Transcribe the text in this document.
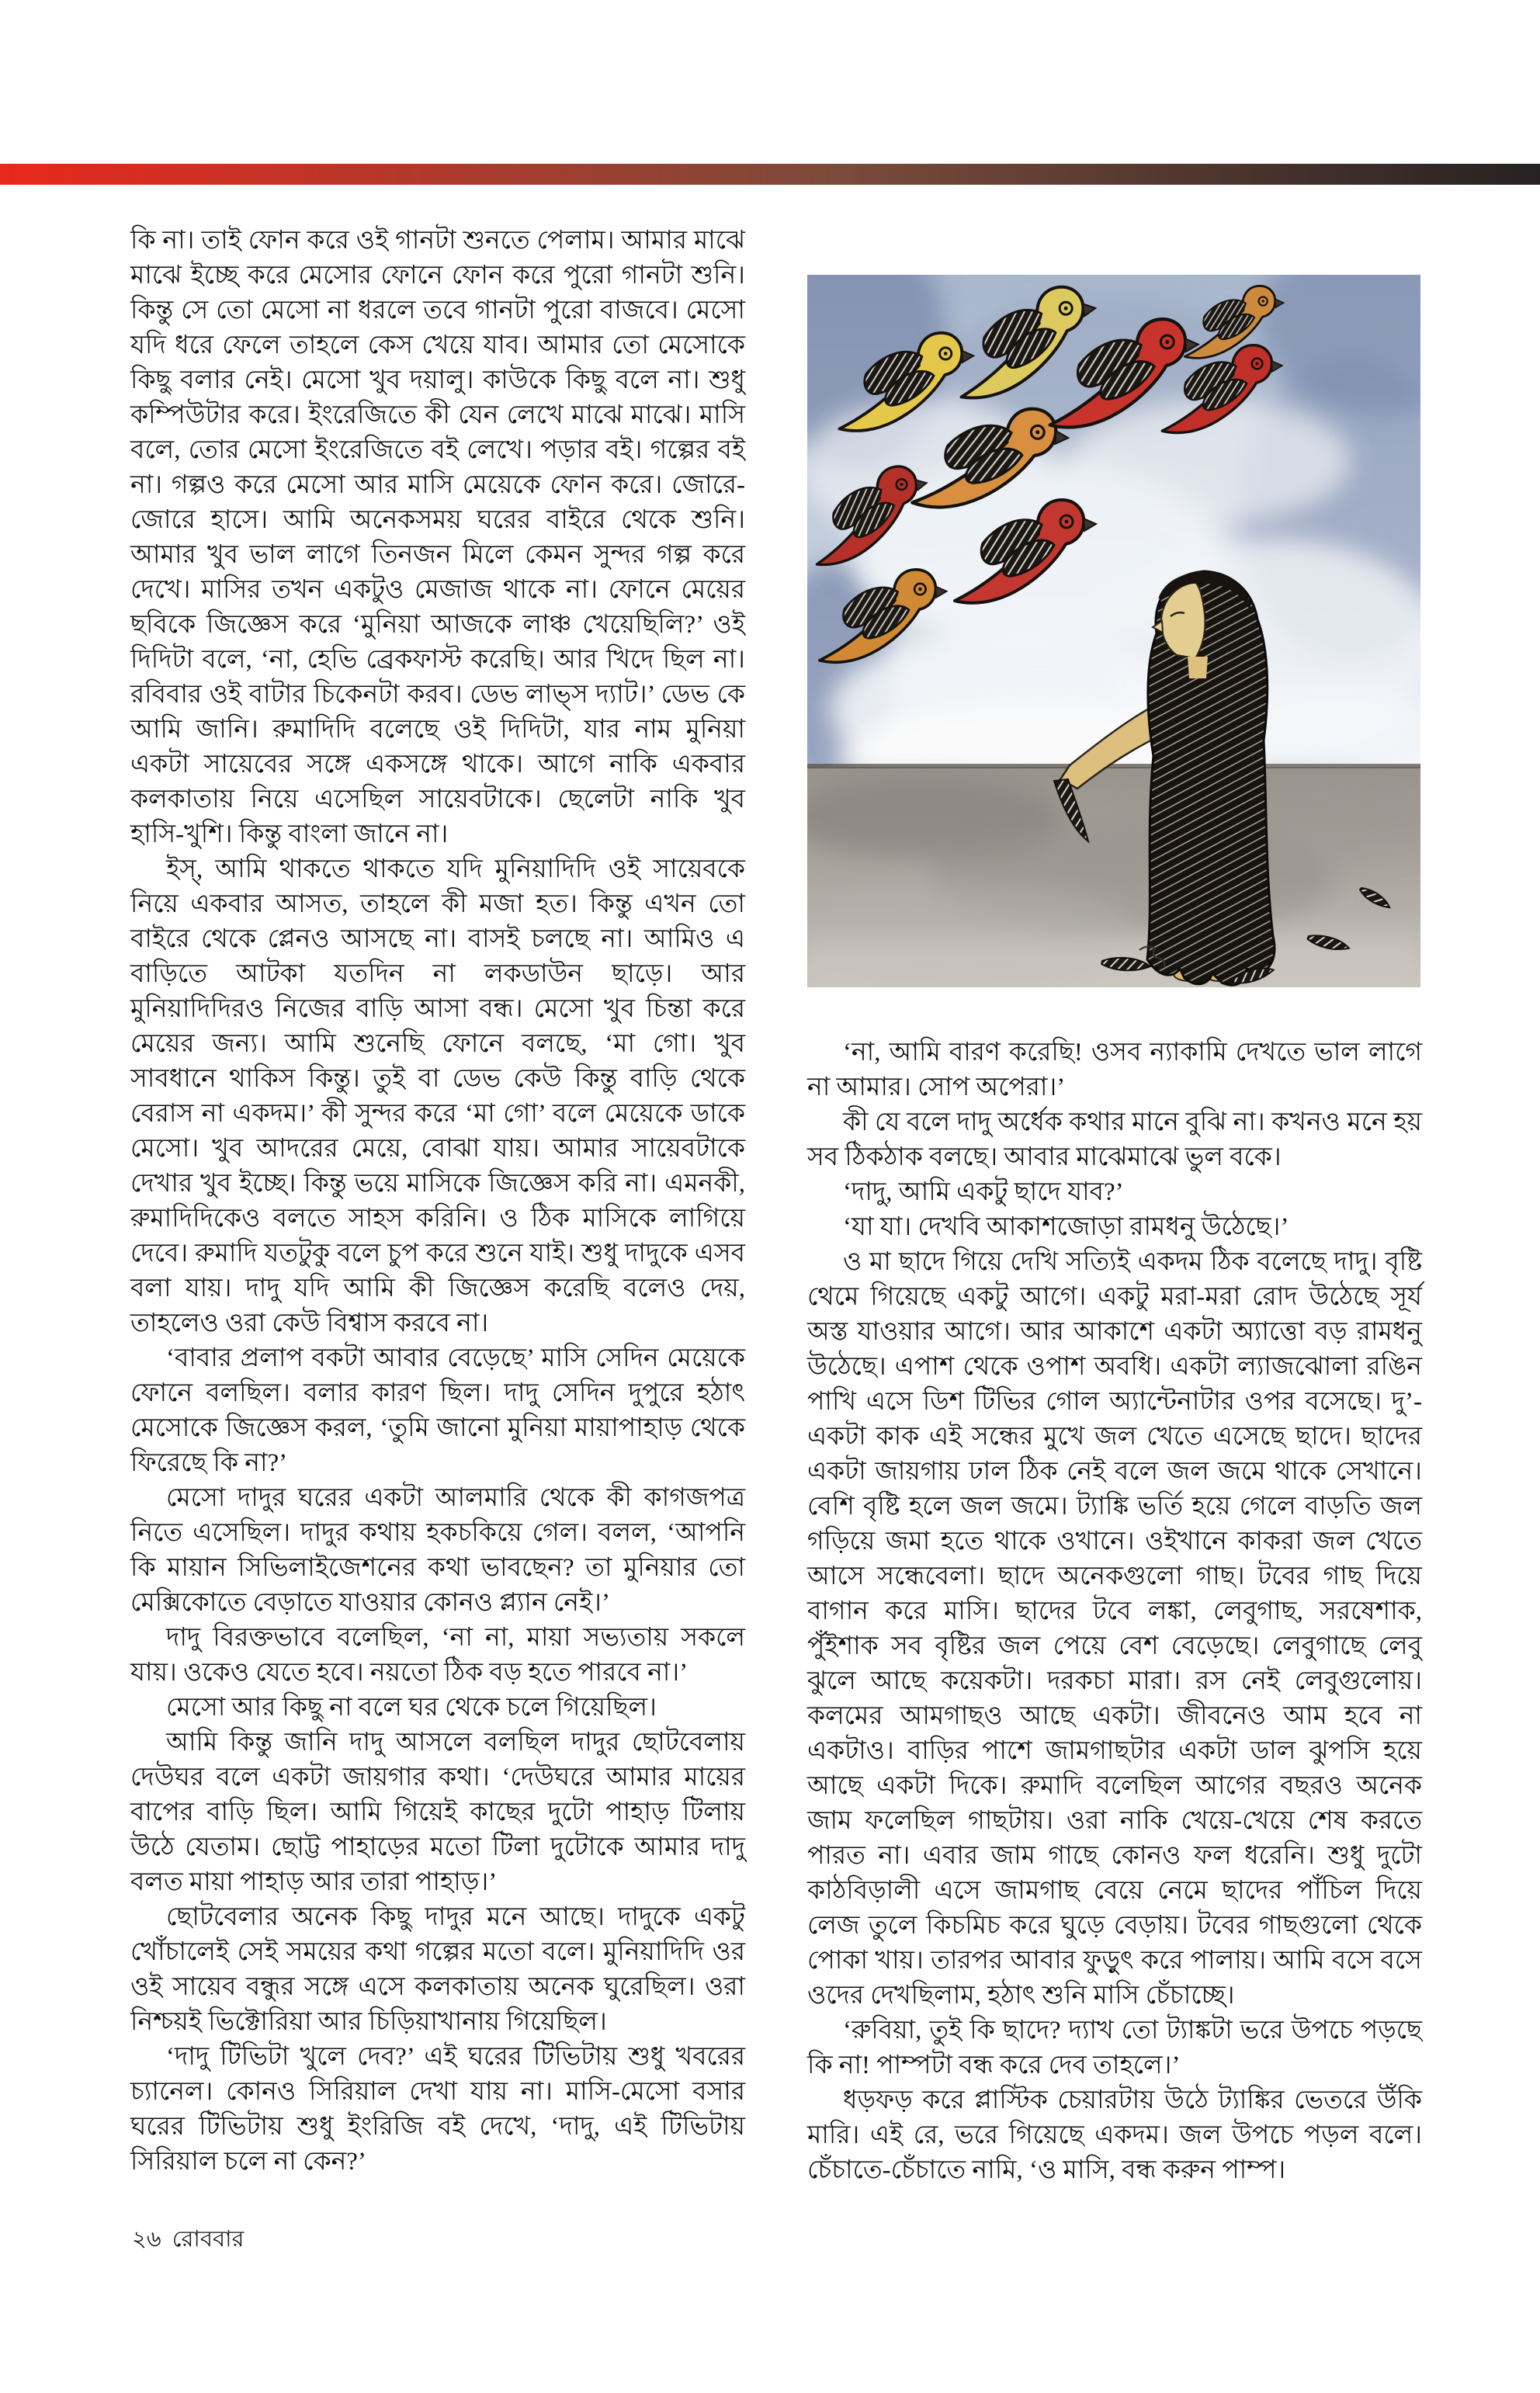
কি না। তাই ফোন করে ওই গানটা শুনতে পেলাম। আমার মাঝে মাঝে ইচ্ছে করে মেসোর ফোনে ফোন করে পুরো গানটা শুনি। কিন্তু সে তো মেসো না ধরলে তবে গানটা পুরো বাজবে। মেসো যদি ধরে ফেলে তাহলে কেস খেয়ে যাব। আমার তো মেসোকে কিছু বলার নেই। মেসো খুব দয়ালু। কাউকে কিছু বলে না। শুধু কম্পিউটার করে। ইংরেজিতে কী যেন লেখে মাঝে মাঝে। মাসি বলে, তোর মেসো ইংরেজিতে বই লেখে। পড়ার বই। গল্পের বই না। গল্পও করে মেসো আর মাসি মেয়েকে ফোন করে। জোরে-জোরে হাসে। আমি অনেকসময় ঘরের বাইরে থেকে শুনি। আমার খুব ভাল লাগে তিনজন মিলে কেমন সুন্দর গল্প করে দেখে। মাসির তখন একটুও মেজাজ থাকে না। ফোনে মেয়ের ছবিকে জিজ্ঞেস করে ‘মুনিয়া আজকে লাঞ্চ খেয়েছিলি?’ ওই দিদিটা বলে, ‘না, হেভি ব্রেকফাস্ট করেছি। আর খিদে ছিল না। রবিবার ওই বাটার চিকেনটা করব। ডেভ লাভ্‌স দ্যাট।’ ডেভ কে আমি জানি। রুমাদিদি বলেছে ওই দিদিটা, যার নাম মুনিয়া একটা সায়েবের সঙ্গে একসঙ্গে থাকে। আগে নাকি একবার কলকাতায় নিয়ে এসেছিল সায়েবটাকে। ছেলেটা নাকি খুব হাসি-খুশি। কিন্তু বাংলা জানে না।

ইস্, আমি থাকতে থাকতে যদি মুনিয়াদিদি ওই সায়েবকে নিয়ে একবার আসত, তাহলে কী মজা হত। কিন্তু এখন তো বাইরে থেকে প্লেনও আসছে না। বাসই চলছে না। আমিও এ বাড়িতে আটকা যতদিন না লকডাউন ছাড়ে। আর মুনিয়াদিদিরও নিজের বাড়ি আসা বন্ধ। মেসো খুব চিন্তা করে মেয়ের জন্য। আমি শুনেছি ফোনে বলছে, ‘মা গো। খুব সাবধানে থাকিস কিন্তু। তুই বা ডেভ কেউ কিন্তু বাড়ি থেকে বেরাস না একদম।’ কী সুন্দর করে ‘মা গো’ বলে মেয়েকে ডাকে মেসো। খুব আদরের মেয়ে, বোঝা যায়। আমার সায়েবটাকে দেখার খুব ইচ্ছে। কিন্তু ভয়ে মাসিকে জিজ্ঞেস করি না। এমনকী, রুমাদিদিকেও বলতে সাহস করিনি। ও ঠিক মাসিকে লাগিয়ে দেবে। রুমাদি যতটুকু বলে চুপ করে শুনে যাই। শুধু দাদুকে এসব বলা যায়। দাদু যদি আমি কী জিজ্ঞেস করেছি বলেও দেয়, তাহলেও ওরা কেউ বিশ্বাস করবে না।

‘বাবার প্রলাপ বকটা আবার বেড়েছে’ মাসি সেদিন মেয়েকে ফোনে বলছিল। বলার কারণ ছিল। দাদু সেদিন দুপুরে হঠাৎ মেসোকে জিজ্ঞেস করল, ‘তুমি জানো মুনিয়া মায়াপাহাড় থেকে ফিরেছে কি না?’

মেসো দাদুর ঘরের একটা আলমারি থেকে কী কাগজপত্র নিতে এসেছিল। দাদুর কথায় হকচকিয়ে গেল। বলল, ‘আপনি কি মায়ান সিভিলাইজেশনের কথা ভাবছেন? তা মুনিয়ার তো মেক্সিকোতে বেড়াতে যাওয়ার কোনও প্ল্যান নেই।’

দাদু বিরক্তভাবে বলেছিল, ‘না না, মায়া সভ্যতায় সকলে যায়। ওকেও যেতে হবে। নয়তো ঠিক বড় হতে পারবে না।’

মেসো আর কিছু না বলে ঘর থেকে চলে গিয়েছিল।

আমি কিন্তু জানি দাদু আসলে বলছিল দাদুর ছোটবেলায় দেউঘর বলে একটা জায়গার কথা। ‘দেউঘরে আমার মায়ের বাপের বাড়ি ছিল। আমি গিয়েই কাছের দুটো পাহাড় টিলায় উঠে যেতাম। ছোট্ট পাহাড়ের মতো টিলা দুটোকে আমার দাদু বলত মায়া পাহাড় আর তারা পাহাড়।’

ছোটবেলার অনেক কিছু দাদুর মনে আছে। দাদুকে একটু খোঁচালেই সেই সময়ের কথা গল্পের মতো বলে। মুনিয়াদিদি ওর ওই সায়েব বন্ধুর সঙ্গে এসে কলকাতায় অনেক ঘুরেছিল। ওরা নিশ্চয়ই ভিক্টোরিয়া আর চিড়িয়াখানায় গিয়েছিল।

‘দাদু টিভিটা খুলে দেব?’ এই ঘরের টিভিটায় শুধু খবরের চ্যানেল। কোনও সিরিয়াল দেখা যায় না। মাসি-মেসো বসার ঘরের টিভিটায় শুধু ইংরিজি বই দেখে, ‘দাদু, এই টিভিটায় সিরিয়াল চলে না কেন?’

‘না, আমি বারণ করেছি! ওসব ন্যাকামি দেখতে ভাল লাগে না আমার। সোপ অপেরা।’

কী যে বলে দাদু অর্ধেক কথার মানে বুঝি না। কখনও মনে হয় সব ঠিকঠাক বলছে। আবার মাঝেমাঝে ভুল বকে।

‘দাদু, আমি একটু ছাদে যাব?’

‘যা যা। দেখবি আকাশজোড়া রামধনু উঠেছে।’

ও মা ছাদে গিয়ে দেখি সত্যিই একদম ঠিক বলেছে দাদু। বৃষ্টি থেমে গিয়েছে একটু আগে। একটু মরা-মরা রোদ উঠেছে সূর্য অস্ত যাওয়ার আগে। আর আকাশে একটা অ্যাত্তো বড় রামধনু উঠেছে। এপাশ থেকে ওপাশ অবধি। একটা ল্যাজঝোলা রঙিন পাখি এসে ডিশ টিভির গোল অ্যান্টেনাটার ওপর বসেছে। দু’-একটা কাক এই সন্ধের মুখে জল খেতে এসেছে ছাদে। ছাদের একটা জায়গায় ঢাল ঠিক নেই বলে জল জমে থাকে সেখানে। বেশি বৃষ্টি হলে জল জমে। ট্যাঙ্কি ভর্তি হয়ে গেলে বাড়তি জল গড়িয়ে জমা হতে থাকে ওখানে। ওইখানে কাকরা জল খেতে আসে সন্ধেবেলা। ছাদে অনেকগুলো গাছ। টবের গাছ দিয়ে বাগান করে মাসি। ছাদের টবে লঙ্কা, লেবুগাছ, সরষেশাক, পুঁইশাক সব বৃষ্টির জল পেয়ে বেশ বেড়েছে। লেবুগাছে লেবু ঝুলে আছে কয়েকটা। দরকচা মারা। রস নেই লেবুগুলোয়। কলমের আমগাছও আছে একটা। জীবনেও আম হবে না একটাও। বাড়ির পাশে জামগাছটার একটা ডাল ঝুপসি হয়ে আছে একটা দিকে। রুমাদি বলেছিল আগের বছরও অনেক জাম ফলেছিল গাছটায়। ওরা নাকি খেয়ে-খেয়ে শেষ করতে পারত না। এবার জাম গাছে কোনও ফল ধরেনি। শুধু দুটো কাঠবিড়ালী এসে জামগাছ বেয়ে নেমে ছাদের পাঁচিল দিয়ে লেজ তুলে কিচমিচ করে ঘুড়ে বেড়ায়। টবের গাছগুলো থেকে পোকা খায়। তারপর আবার ফুড়ুৎ করে পালায়। আমি বসে বসে ওদের দেখছিলাম, হঠাৎ শুনি মাসি চেঁচাচ্ছে।

‘রুবিয়া, তুই কি ছাদে? দ্যাখ তো ট্যাঙ্কটা ভরে উপচে পড়ছে কি না! পাম্পটা বন্ধ করে দেব তাহলে।’

ধড়ফড় করে প্লাস্টিক চেয়ারটায় উঠে ট্যাঙ্কির ভেতরে উঁকি মারি। এই রে, ভরে গিয়েছে একদম। জল উপচে পড়ল বলে। চেঁচাতে-চেঁচাতে নামি, ‘ও মাসি, বন্ধ করুন পাম্প।

২৬ রোববার
